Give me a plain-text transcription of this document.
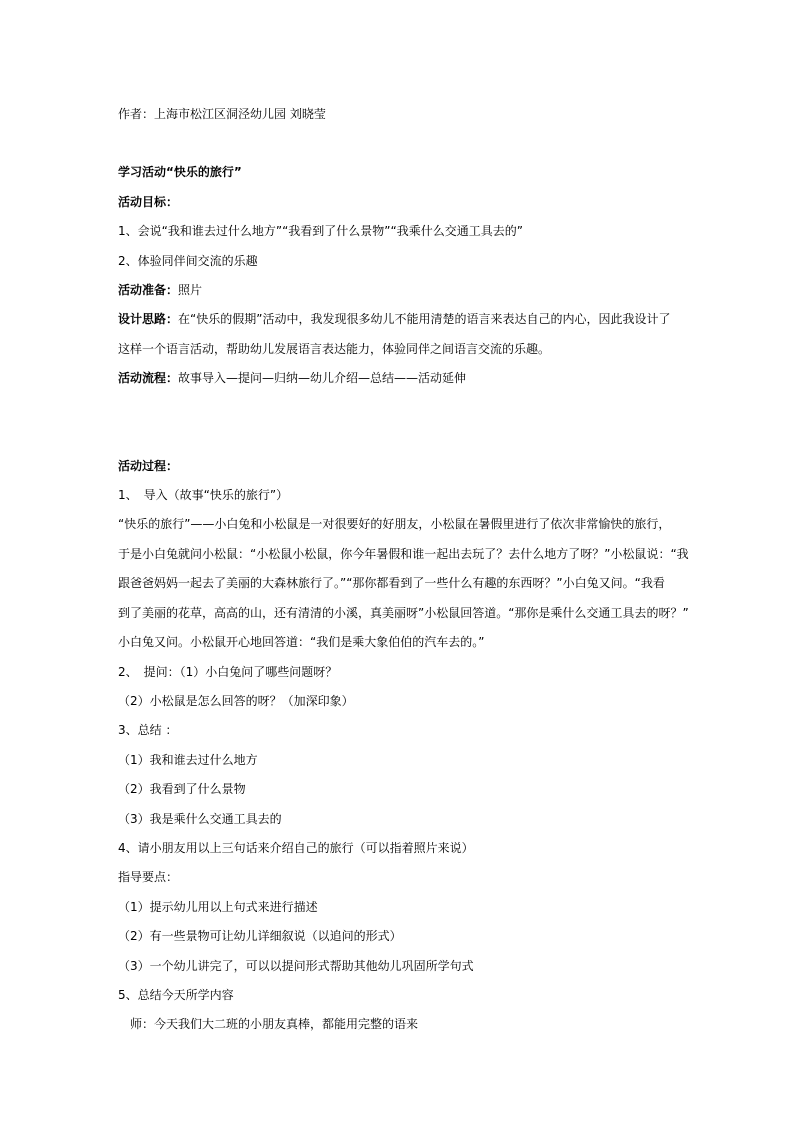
作者：上海市松江区洞泾幼儿园 刘晓莹
学习活动“快乐的旅行”
活动目标：
1、会说“我和谁去过什么地方”“我看到了什么景物”“我乘什么交通工具去的”
2、体验同伴间交流的乐趣
活动准备：照片
设计思路：在“快乐的假期”活动中，我发现很多幼儿不能用清楚的语言来表达自己的内心，因此我设计了
这样一个语言活动，帮助幼儿发展语言表达能力，体验同伴之间语言交流的乐趣。
活动流程：故事导入—提问—归纳—幼儿介绍—总结——活动延伸
活动过程：
1、　导入（故事“快乐的旅行”）
“快乐的旅行”——小白兔和小松鼠是一对很要好的好朋友，小松鼠在暑假里进行了依次非常愉快的旅行，
于是小白兔就问小松鼠：“小松鼠小松鼠，你今年暑假和谁一起出去玩了？去什么地方了呀？”小松鼠说：“我
跟爸爸妈妈一起去了美丽的大森林旅行了。”“那你都看到了一些什么有趣的东西呀？”小白兔又问。“我看
到了美丽的花草，高高的山，还有清清的小溪，真美丽呀”小松鼠回答道。“那你是乘什么交通工具去的呀？”
小白兔又问。小松鼠开心地回答道：“我们是乘大象伯伯的汽车去的。”
2、　提问：（1）小白兔问了哪些问题呀？
（2）小松鼠是怎么回答的呀？（加深印象）
3、总结 ：
（1）我和谁去过什么地方
（2）我看到了什么景物
（3）我是乘什么交通工具去的
4、请小朋友用以上三句话来介绍自己的旅行（可以指着照片来说）
指导要点：
（1）提示幼儿用以上句式来进行描述
（2）有一些景物可让幼儿详细叙说（以追问的形式）
（3）一个幼儿讲完了，可以以提问形式帮助其他幼儿巩固所学句式
5、总结今天所学内容
师：今天我们大二班的小朋友真棒，都能用完整的语来
